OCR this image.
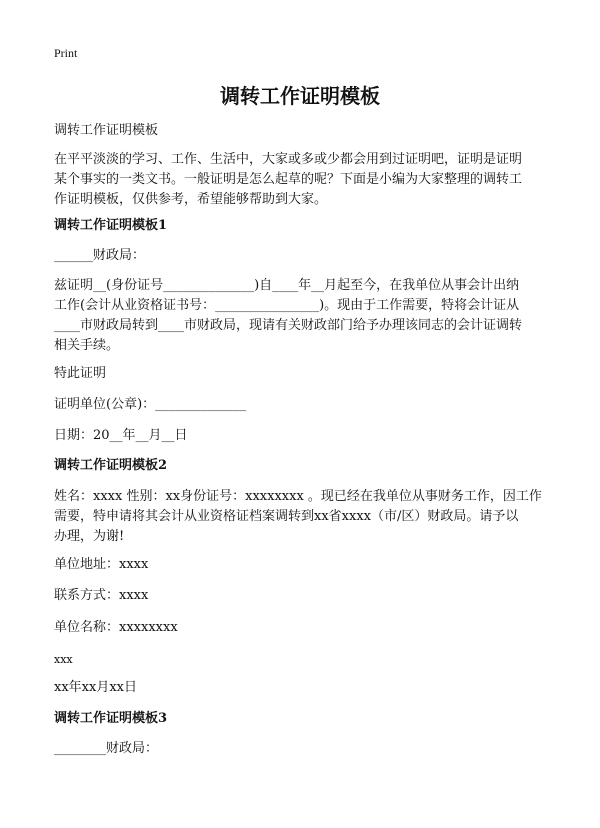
Print
调转工作证明模板
调转工作证明模板
在平平淡淡的学习、工作、生活中，大家或多或少都会用到过证明吧，证明是证明
某个事实的一类文书。一般证明是怎么起草的呢？下面是小编为大家整理的调转工
作证明模板，仅供参考，希望能够帮助到大家。
调转工作证明模板1
______财政局：
兹证明__(身份证号______________)自____年__月起至今，在我单位从事会计出纳
工作(会计从业资格证书号：________________)。现由于工作需要，特将会计证从
____市财政局转到____市财政局，现请有关财政部门给予办理该同志的会计证调转
相关手续。
特此证明
证明单位(公章)：______________
日期：20__年__月__日
调转工作证明模板2
姓名：xxxx 性别：xx身份证号：xxxxxxxx 。现已经在我单位从事财务工作，因工作
需要，特申请将其会计从业资格证档案调转到xx省xxxx（市/区）财政局。请予以
办理，为谢!
单位地址：xxxx
联系方式：xxxx
单位名称：xxxxxxxx
xxx
xx年xx月xx日
调转工作证明模板3
________财政局：
